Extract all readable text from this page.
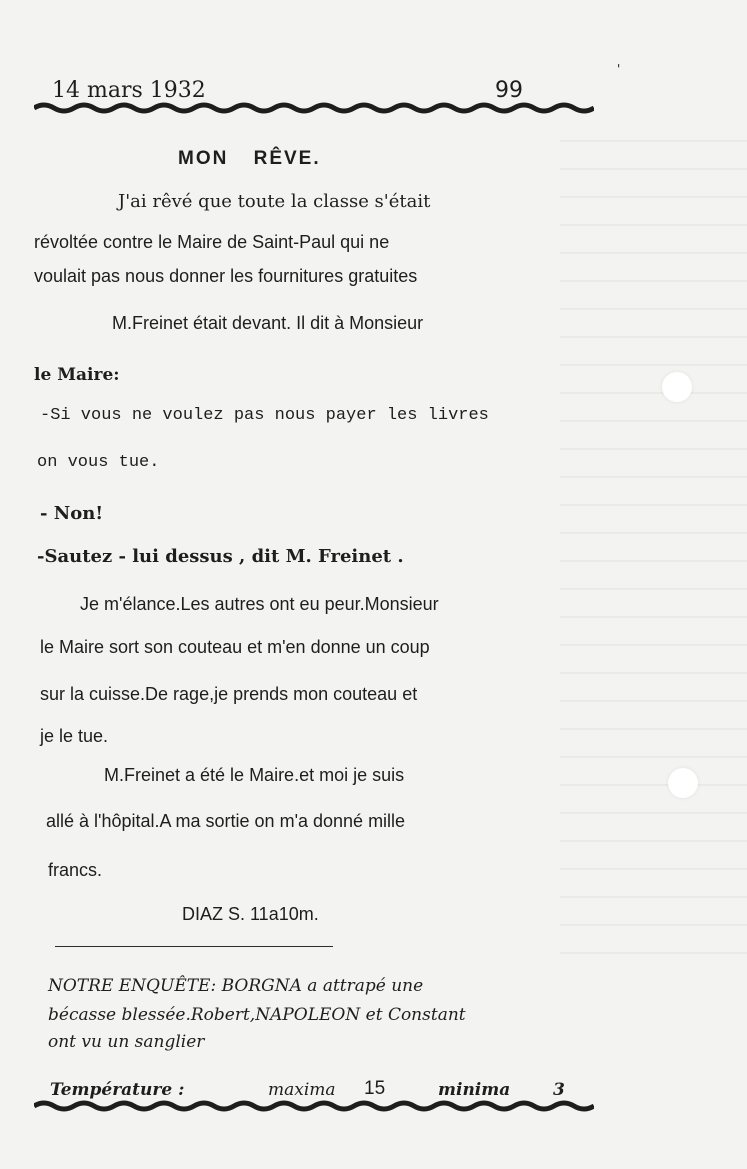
'
14 mars 1932	99
MON RÊVE.
J'ai rêvé que toute la classe s'était
révoltée contre le Maire de Saint-Paul qui ne
voulait pas nous donner les fournitures gratuites
M.Freinet était devant. Il dit à Monsieur
le Maire:
-Si vous ne voulez pas nous payer les livres
on vous tue.
- Non!
-Sautez - lui dessus , dit M. Freinet .
Je m'élance.Les autres ont eu peur.Monsieur
le Maire sort son couteau et m'en donne un coup
sur la cuisse.De rage,je prends mon couteau et
je le tue.
M.Freinet a été le Maire.et moi je suis
allé à l'hôpital.A ma sortie on m'a donné mille
francs.
DIAZ S. 11a10m.
NOTRE ENQUÊTE: BORGNA a attrapé une
bécasse blessée.Robert,NAPOLEON et Constant
ont vu un sanglier
Température :	maxima 15	minima	3
